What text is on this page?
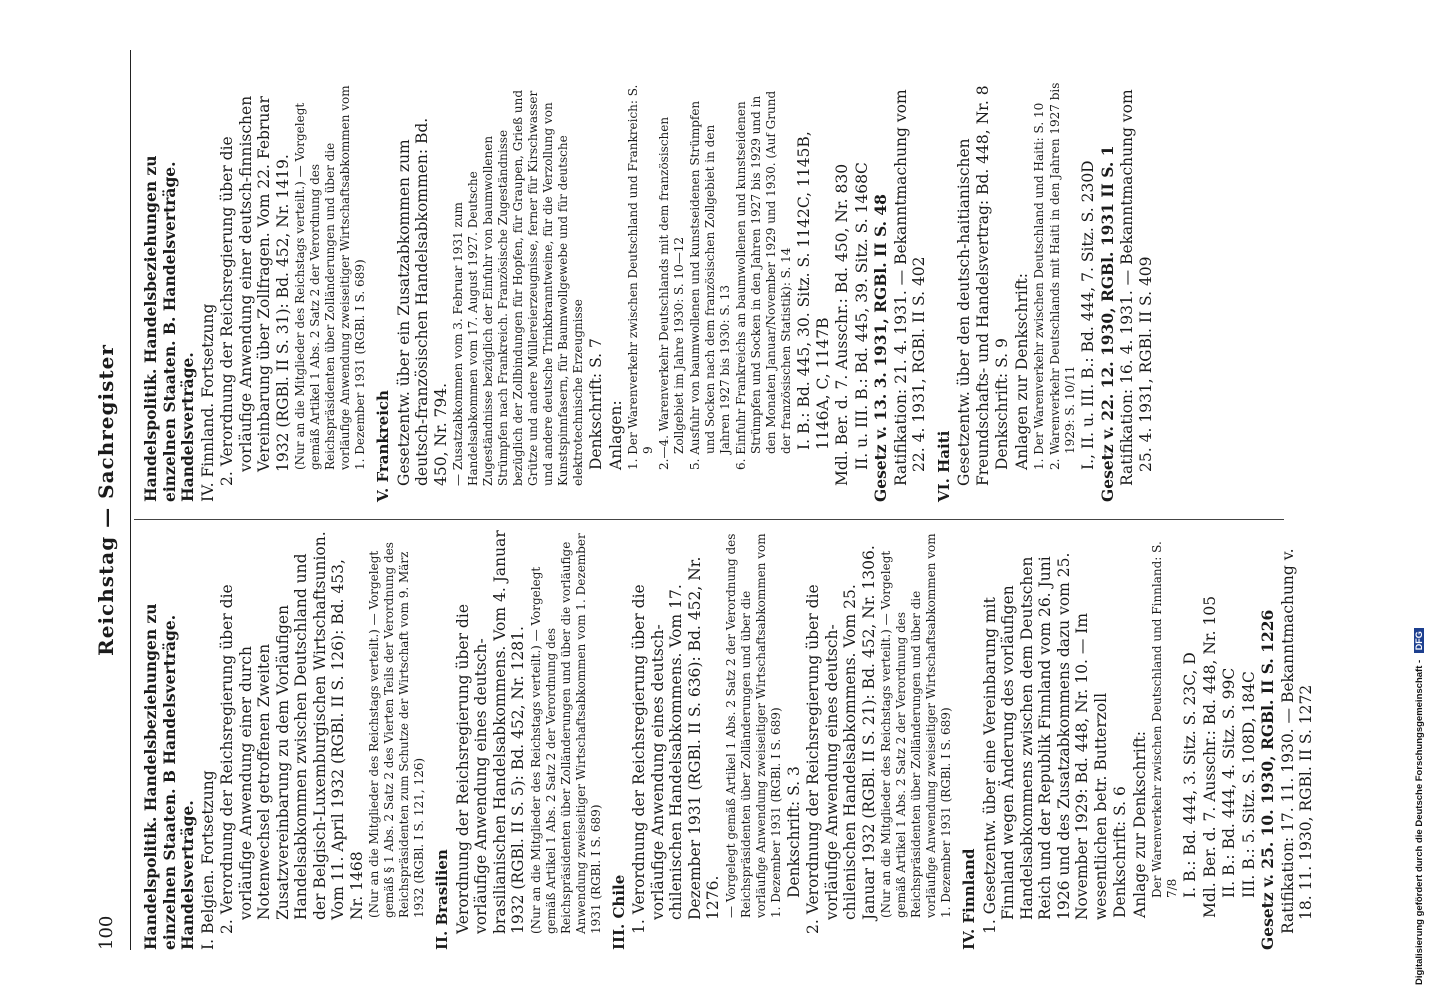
100
Reichstag — Sachregister
Handelspolitik. Handelsbeziehungen zu einzelnen Staaten. B Handelsverträge. Handelsverträge. I. Belgien. Fortsetzung 2. Verordnung der Reichsregierung über die vorläufige Anwendung einer durch Notenwechsel getroffenen Zweiten Zusatzvereinbarung zu dem Vorläufigen Handelsabkommen zwischen Deutschland und der Belgisch-Luxemburgischen Wirtschaftsunion. Vom 11. April 1932 (RGBl. II S. 126): Bd. 453, Nr. 1468 (Nur an die Mitglieder des Reichstags verteilt.) — Vorgelegt gemäß § 1 Abs. 2 Satz 2 des Vierten Teils der Verordnung des Reichspräsidenten zum Schutze der Wirtschaft vom 9. März 1932 (RGBl. I S. 121, 126) II. Brasilien Verordnung der Reichsregierung über die vorläufige Anwendung eines deutsch-brasilianischen Handelsabkommens. Vom 4. Januar 1932 (RGBl. II S. 5): Bd. 452, Nr. 1281. (Nur an die Mitglieder des Reichstags verteilt.) — Vorgelegt gemäß Artikel 1 Abs. 2 Satz 2 der Verordnung des Reichspräsidenten über Zolländerungen und über die vorläufige Anwendung zweiseitiger Wirtschaftsabkommen vom 1. Dezember 1931 (RGBl. I S. 689) III. Chile 1. Verordnung der Reichsregierung über die vorläufige Anwendung eines deutsch-chilenischen Handelsabkommens. Vom 17. Dezember 1931 (RGBl. II S. 636): Bd. 452, Nr. 1276. — Vorgelegt gemäß Artikel 1 Abs. 2 Satz 2 der Verordnung des Reichspräsidenten über Zolländerungen und über die vorläufige Anwendung zweiseitiger Wirtschaftsabkommen vom 1. Dezember 1931 (RGBl. I S. 689) Denkschrift: S. 3 2. Verordnung der Reichsregierung über die vorläufige Anwendung eines deutsch-chilenischen Handelsabkommens. Vom 25. Januar 1932 (RGBl. II S. 21): Bd. 452, Nr. 1306. (Nur an die Mitglieder des Reichstags verteilt.) — Vorgelegt gemäß Artikel 1 Abs. 2 Satz 2 der Verordnung des Reichspräsidenten über Zolländerungen und über die vorläufige Anwendung zweiseitiger Wirtschaftsabkommen vom 1. Dezember 1931 (RGBl. I S. 689) IV. Finnland 1. Gesetzentw. über eine Vereinbarung mit Finnland wegen Änderung des vorläufigen Handelsabkommens zwischen dem Deutschen Reich und der Republik Finnland vom 26. Juni 1926 und des Zusatzabkommens dazu vom 25. November 1929: Bd. 448, Nr. 10. — Im wesentlichen betr. Butterzoll Denkschrift: S. 6 Anlage zur Denkschrift: Der Warenverkehr zwischen Deutschland und Finnland: S. 7/8 I. B.: Bd. 444, 3. Sitz. S. 23C, D Mdl. Ber. d. 7. Ausschr.: Bd. 448, Nr. 105 II. B.: Bd. 444, 4. Sitz. S. 99C III. B.: 5. Sitz. S. 108D, 184C Gesetz v. 25. 10. 1930, RGBl. II S. 1226 Ratifikation: 17. 11. 1930. — Bekanntmachung v. 18. 11. 1930, RGBl. II S. 1272
Handelspolitik. Handelsbeziehungen zu einzelnen Staaten. B. Handelsverträge. Handelsverträge. IV. Finnland. Fortsetzung 2. Verordnung der Reichsregierung über die vorläufige Anwendung einer deutsch-finnischen Vereinbarung über Zollfragen. Vom 22. Februar 1932 (RGBl. II S. 31): Bd. 452, Nr. 1419. (Nur an die Mitglieder des Reichstags verteilt.) — Vorgelegt gemäß Artikel 1 Abs. 2 Satz 2 der Verordnung des Reichspräsidenten über Zolländerungen und über die vorläufige Anwendung zweiseitiger Wirtschaftsabkommen vom 1. Dezember 1931 (RGBl. I S. 689) V. Frankreich Gesetzentw. über ein Zusatzabkommen zum deutsch-französischen Handelsabkommen: Bd. 450, Nr. 794. — Zusatzabkommen vom 3. Februar 1931 zum Handelsabkommen vom 17. August 1927. Deutsche Zugeständnisse bezüglich der Einfuhr von baumwollenen Strümpfen nach Frankreich. Französische Zugeständnisse bezüglich der Zollbindungen für Hopfen, für Graupen, Grieß und Grütze und andere Müllereierzeugnisse, ferner für Kirschwasser und andere deutsche Trinkbranntweine, für die Verzollung von Kunstspinnfasern, für Baumwollgewebe und für deutsche elektrotechnische Erzeugnisse Denkschrift: S. 7 Anlagen: 1. Der Warenverkehr zwischen Deutschland und Frankreich: S. 9 2.—4. Warenverkehr Deutschlands mit dem französischen Zollgebiet im Jahre 1930: S. 10—12 5. Ausfuhr von baumwollenen und kunstseidenen Strümpfen und Socken nach dem französischen Zollgebiet in den Jahren 1927 bis 1930: S. 13 6. Einfuhr Frankreichs an baumwollenen und kunstseidenen Strümpfen und Socken in den Jahren 1927 bis 1929 und in den Monaten Januar/November 1929 und 1930. (Auf Grund der französischen Statistik): S. 14 I. B.: Bd. 445, 30. Sitz. S. 1142C, 1145B, 1146A, C, 1147B Mdl. Ber. d. 7. Ausschr.: Bd. 450, Nr. 830 II. u. III. B.: Bd. 445, 39. Sitz. S. 1468C Gesetz v. 13. 3. 1931, RGBl. II S. 48 Ratifikation: 21. 4. 1931. — Bekanntmachung vom 22. 4. 1931, RGBl. II S. 402 VI. Haiti Gesetzentw. über den deutsch-haitianischen Freundschafts- und Handelsvertrag: Bd. 448, Nr. 8 Denkschrift: S. 9 Anlagen zur Denkschrift: 1. Der Warenverkehr zwischen Deutschland und Haiti: S. 10 2. Warenverkehr Deutschlands mit Haiti in den Jahren 1927 bis 1929: S. 10/11 I., II. u. III. B.: Bd. 444, 7. Sitz. S. 230D Gesetz v. 22. 12. 1930, RGBl. 1931 II S. 1 Ratifikation: 16. 4. 1931. — Bekanntmachung vom 25. 4. 1931, RGBl. II S. 409
Digitalisierung gefördert durch die Deutsche Forschungsgemeinschaft - DFG
